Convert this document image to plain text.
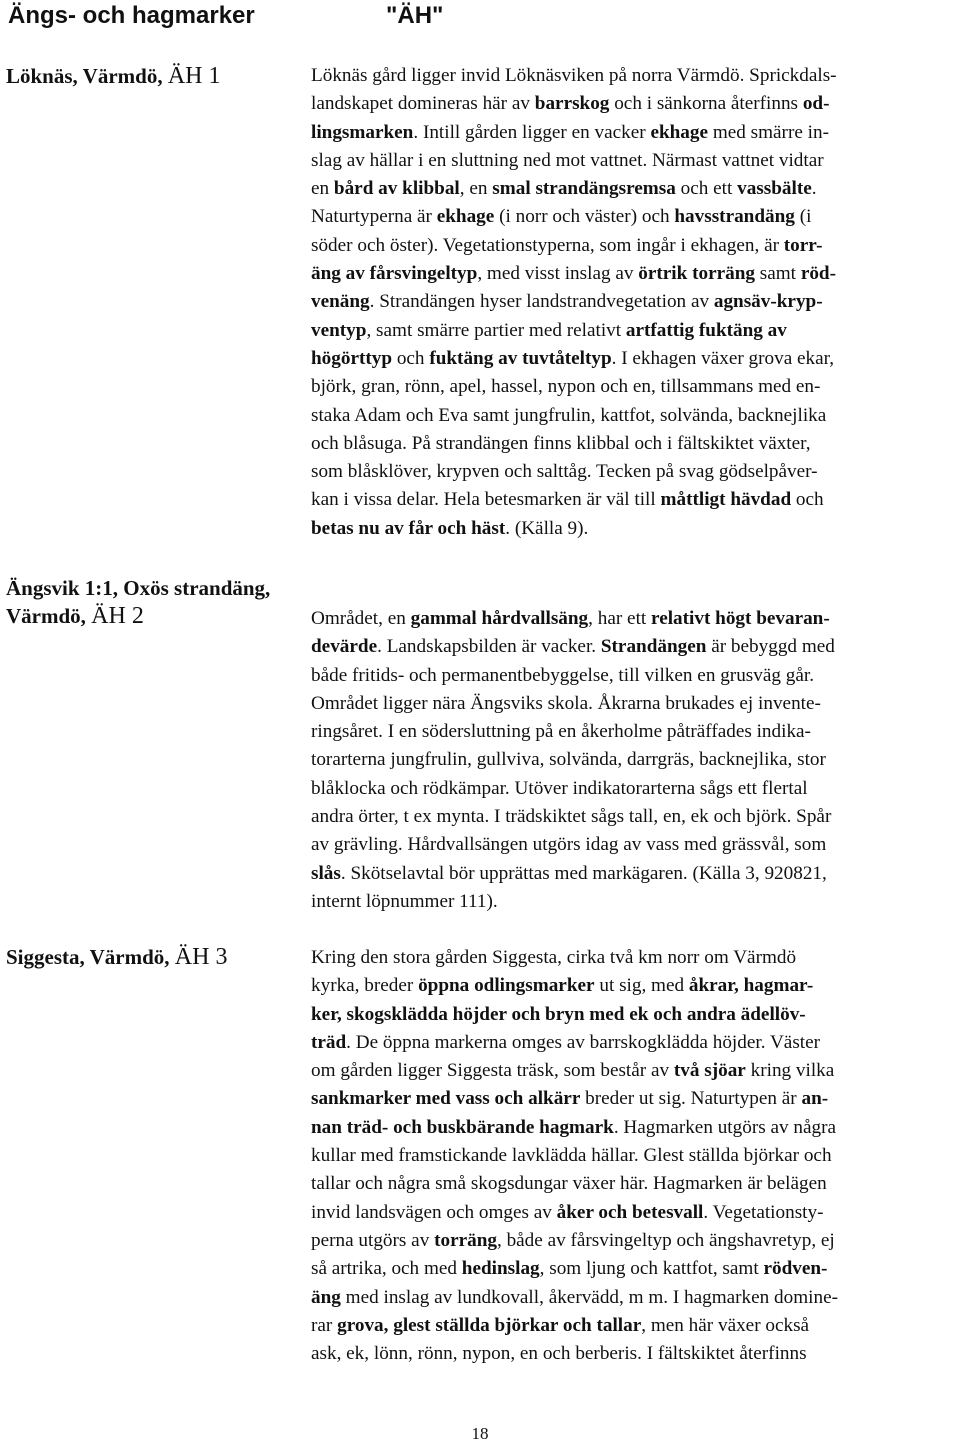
Ängs- och hagmarker	"ÄH"
Löknäs, Värmdö, ÄH 1	Löknäs gård ligger invid Löknäsviken på norra Värmdö. Sprickdals-
landskapet domineras här av barrskog och i sänkorna återfinns od-
lingsmarken. Intill gården ligger en vacker ekhage med smärre in-
slag av hällar i en sluttning ned mot vattnet. Närmast vattnet vidtar
en bård av klibbal, en smal strandängsremsa och ett vassbälte.
Naturtyperna är ekhage (i norr och väster) och havsstrandäng (i
söder och öster). Vegetationstyperna, som ingår i ekhagen, är torr-
äng av fårsvingeltyp, med visst inslag av örtrik torräng samt röd-
venäng. Strandängen hyser landstrandvegetation av agnsäv-kryp-
ventyp, samt smärre partier med relativt artfattig fuktäng av
högörttyp och fuktäng av tuvtåteltyp. I ekhagen växer grova ekar,
björk, gran, rönn, apel, hassel, nypon och en, tillsammans med en-
staka Adam och Eva samt jungfrulin, kattfot, solvända, backnejlika
och blåsuga. På strandängen finns klibbal och i fältskiktet växter,
som blåsklöver, krypven och salttåg. Tecken på svag gödselpåver-
kan i vissa delar. Hela betesmarken är väl till måttligt hävdad och
betas nu av får och häst. (Källa 9).
Ängsvik 1:1, Oxös strandäng,
Värmdö, ÄH 2	Området, en gammal hårdvallsäng, har ett relativt högt bevaran-
devärde. Landskapsbilden är vacker. Strandängen är bebyggd med
både fritids- och permanentbebyggelse, till vilken en grusväg går.
Området ligger nära Ängsviks skola. Åkrarna brukades ej invente-
ringsåret. I en södersluttning på en åkerholme påträffades indika-
torarterna jungfrulin, gullviva, solvända, darrgräs, backnejlika, stor
blåklocka och rödkämpar. Utöver indikatorarterna sågs ett flertal
andra örter, t ex mynta. I trädskiktet sågs tall, en, ek och björk. Spår
av grävling. Hårdvallsängen utgörs idag av vass med grässvål, som
slås. Skötselavtal bör upprättas med markägaren. (Källa 3, 920821,
internt löpnummer 111).
Siggesta, Värmdö, ÄH 3	Kring den stora gården Siggesta, cirka två km norr om Värmdö
kyrka, breder öppna odlingsmarker ut sig, med åkrar, hagmar-
ker, skogsklädda höjder och bryn med ek och andra ädellöv-
träd. De öppna markerna omges av barrskogklädda höjder. Väster
om gården ligger Siggesta träsk, som består av två sjöar kring vilka
sankmarker med vass och alkärr breder ut sig. Naturtypen är an-
nan träd- och buskbärande hagmark. Hagmarken utgörs av några
kullar med framstickande lavklädda hällar. Glest ställda björkar och
tallar och några små skogsdungar växer här. Hagmarken är belägen
invid landsvägen och omges av åker och betesvall. Vegetationsty-
perna utgörs av torräng, både av fårsvingeltyp och ängshavretyp, ej
så artrika, och med hedinslag, som ljung och kattfot, samt rödven-
äng med inslag av lundkovall, åkervädd, m m. I hagmarken domine-
rar grova, glest ställda björkar och tallar, men här växer också
ask, ek, lönn, rönn, nypon, en och berberis. I fältskiktet återfinns
18
